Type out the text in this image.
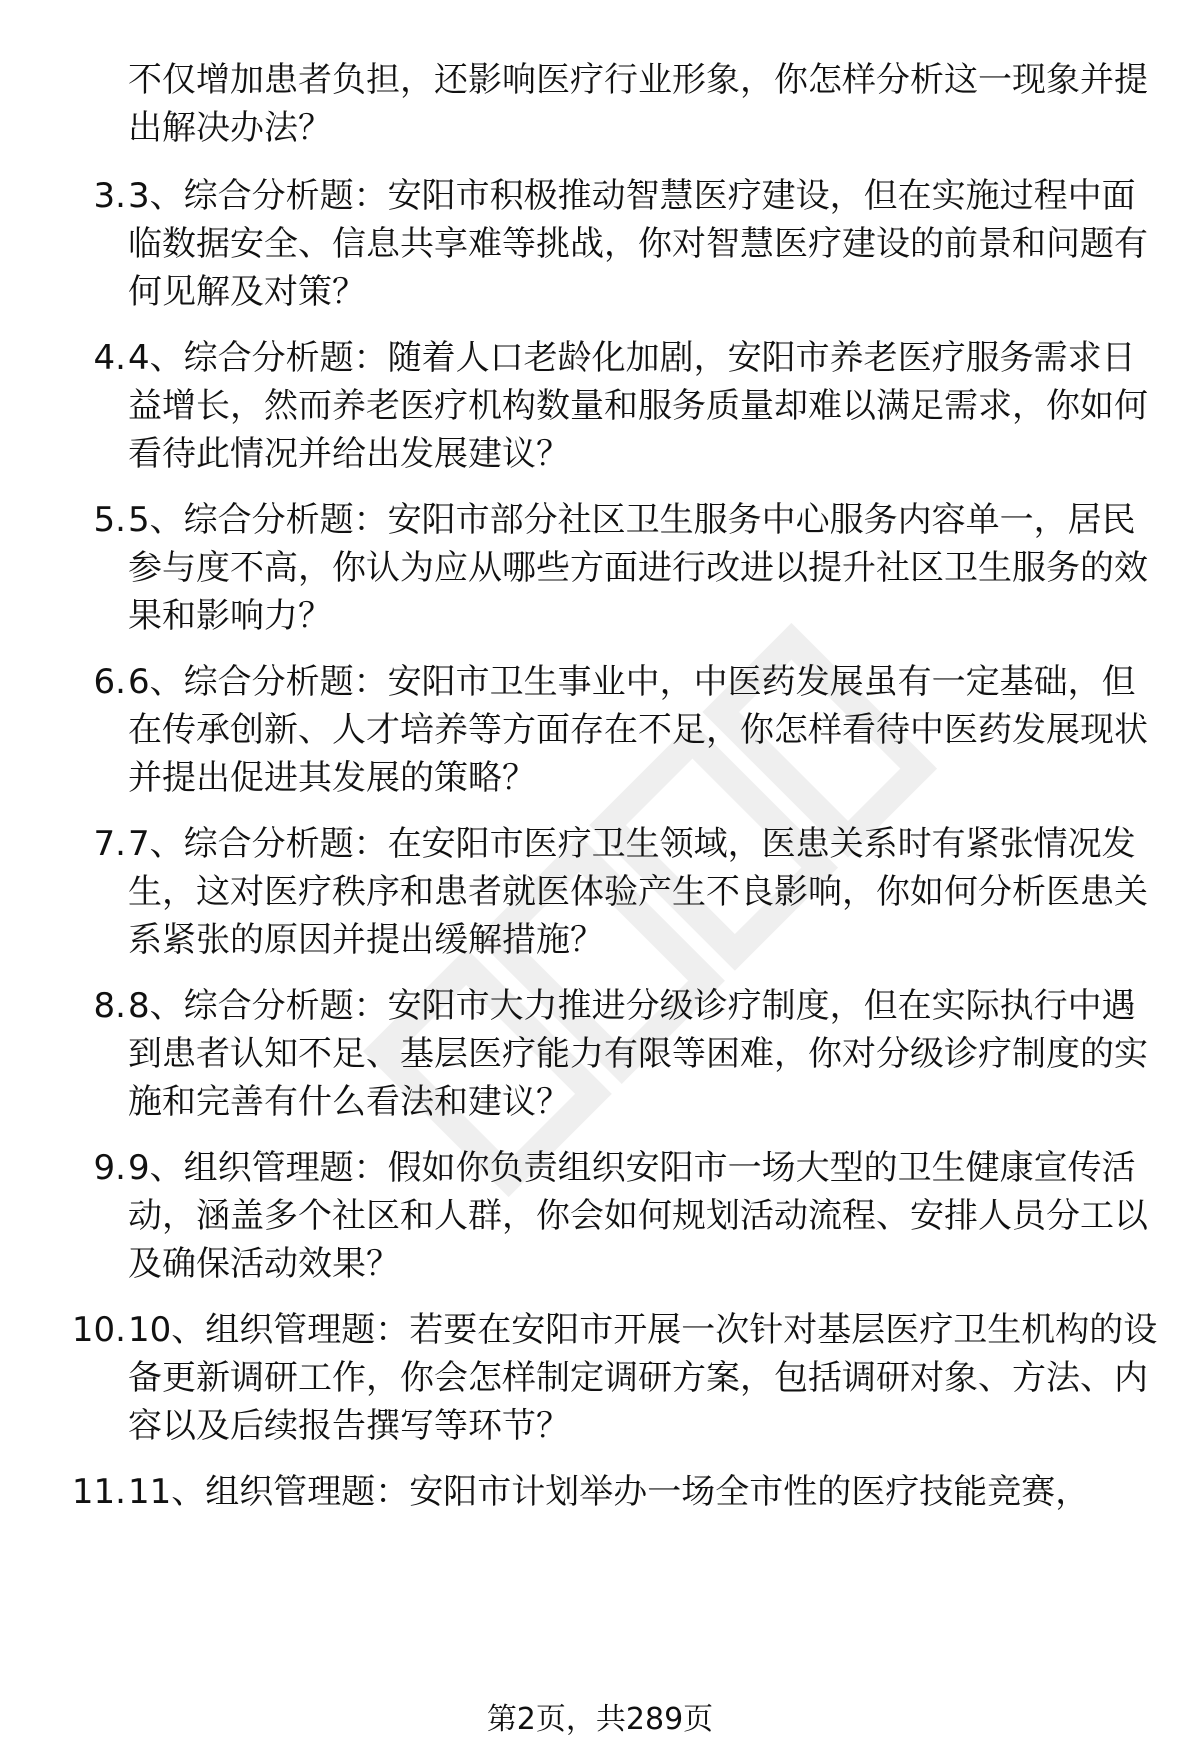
不仅增加患者负担，还影响医疗行业形象，你怎样分析这一现象并提出解决办法？
3. 3、综合分析题：安阳市积极推动智慧医疗建设，但在实施过程中面临数据安全、信息共享难等挑战，你对智慧医疗建设的前景和问题有何见解及对策？
4. 4、综合分析题：随着人口老龄化加剧，安阳市养老医疗服务需求日益增长，然而养老医疗机构数量和服务质量却难以满足需求，你如何看待此情况并给出发展建议？
5. 5、综合分析题：安阳市部分社区卫生服务中心服务内容单一，居民参与度不高，你认为应从哪些方面进行改进以提升社区卫生服务的效果和影响力？
6. 6、综合分析题：安阳市卫生事业中，中医药发展虽有一定基础，但在传承创新、人才培养等方面存在不足，你怎样看待中医药发展现状并提出促进其发展的策略？
7. 7、综合分析题：在安阳市医疗卫生领域，医患关系时有紧张情况发生，这对医疗秩序和患者就医体验产生不良影响，你如何分析医患关系紧张的原因并提出缓解措施？
8. 8、综合分析题：安阳市大力推进分级诊疗制度，但在实际执行中遇到患者认知不足、基层医疗能力有限等困难，你对分级诊疗制度的实施和完善有什么看法和建议？
9. 9、组织管理题：假如你负责组织安阳市一场大型的卫生健康宣传活动，涵盖多个社区和人群，你会如何规划活动流程、安排人员分工以及确保活动效果？
10. 10、组织管理题：若要在安阳市开展一次针对基层医疗卫生机构的设备更新调研工作，你会怎样制定调研方案，包括调研对象、方法、内容以及后续报告撰写等环节？
11. 11、组织管理题：安阳市计划举办一场全市性的医疗技能竞赛，
第2页，共289页
